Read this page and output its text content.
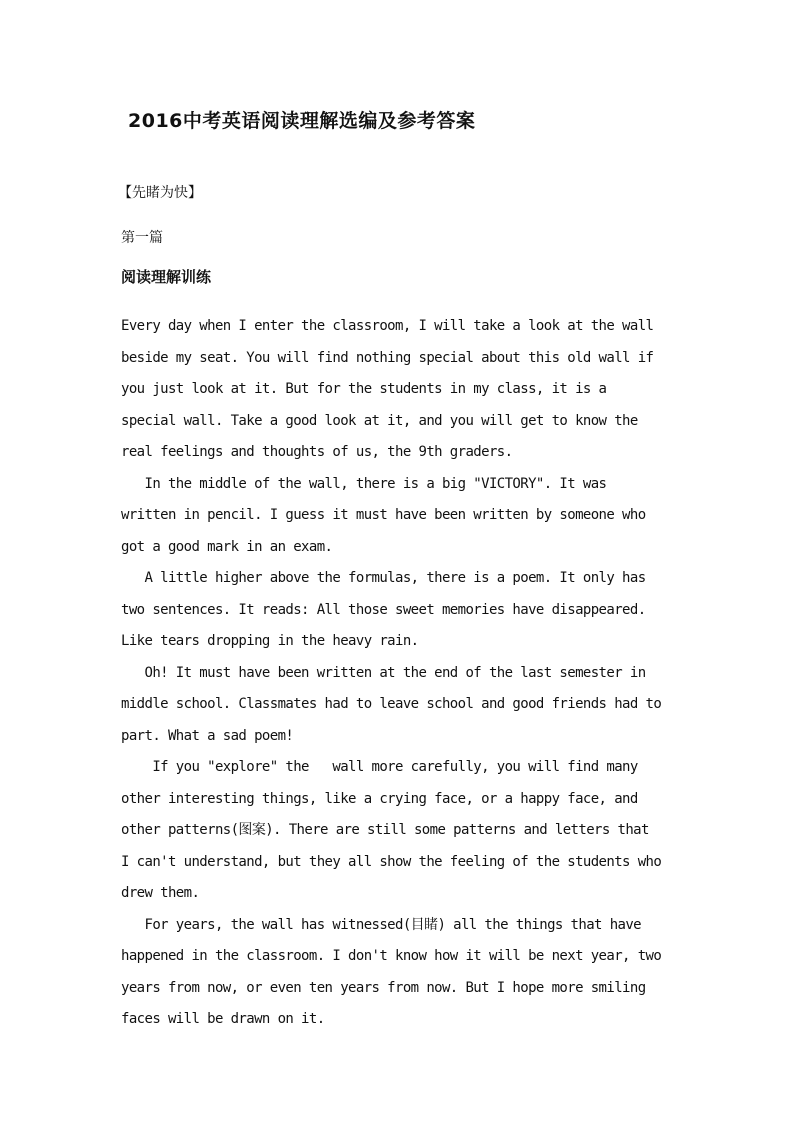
2016中考英语阅读理解选编及参考答案
【先睹为快】
第一篇
阅读理解训练
Every day when I enter the classroom, I will take a look at the wall
beside my seat. You will find nothing special about this old wall if
you just look at it. But for the students in my class, it is a
special wall. Take a good look at it, and you will get to know the
real feelings and thoughts of us, the 9th graders.
In the middle of the wall, there is a big "VICTORY". It was
written in pencil. I guess it must have been written by someone who
got a good mark in an exam.
A little higher above the formulas, there is a poem. It only has
two sentences. It reads: All those sweet memories have disappeared.
Like tears dropping in the heavy rain.
Oh! It must have been written at the end of the last semester in
middle school. Classmates had to leave school and good friends had to
part. What a sad poem!
If you "explore" the   wall more carefully, you will find many
other interesting things, like a crying face, or a happy face, and
other patterns(图案). There are still some patterns and letters that
I can't understand, but they all show the feeling of the students who
drew them.
For years, the wall has witnessed(目睹) all the things that have
happened in the classroom. I don't know how it will be next year, two
years from now, or even ten years from now. But I hope more smiling
faces will be drawn on it.
